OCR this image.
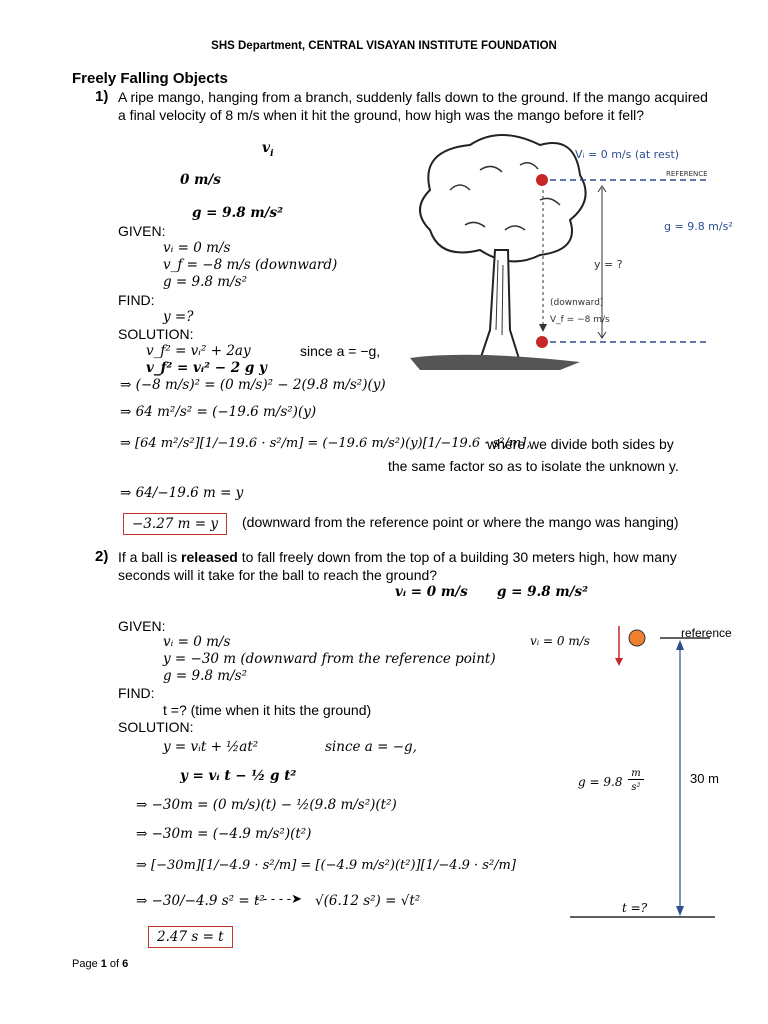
SHS Department, CENTRAL VISAYAN INSTITUTE FOUNDATION
Freely Falling Objects
1) A ripe mango, hanging from a branch, suddenly falls down to the ground. If the mango acquired a final velocity of 8 m/s when it hit the ground, how high was the mango before it fell?
$v_i$
0 m/s
g = 9.8 m/s²
GIVEN:
vᵢ = 0 m/s
v_f = −8 m/s (downward)
g = 9.8 m/s²
FIND:
y =?
SOLUTION:
v_f² = vᵢ² + 2ay	since a = −g,
v_f² = vᵢ² − 2 g y
⇒ (−8 m/s)² = (0 m/s)² − 2(9.8 m/s²)(y)
⇒ 64 m²/s² = (−19.6 m/s²)(y)
⇒ [64 m²/s²][1/−19.6 · s²/m] = (−19.6 m/s²)(y)[1/−19.6 · s²/m],
where we divide both sides by
the same factor so as to isolate the unknown y.
⇒ 64/−19.6 m = y
−3.27 m = y	(downward from the reference point or where the mango was hanging)
Vᵢ = 0 m/s (at rest)
REFERENCE
g = 9.8 m/s²
y = ?
(downward)
V_f = −8 m/s
2) If a ball is released to fall freely down from the top of a building 30 meters high, how many seconds will it take for the ball to reach the ground?
vᵢ = 0 m/s g = 9.8 m/s²
GIVEN:
vᵢ = 0 m/s
y = −30 m (downward from the reference point)
g = 9.8 m/s²
FIND:
t =? (time when it hits the ground)
SOLUTION:
y = vᵢt + ½at²	since a = −g,
y = vᵢ t − ½ g t²
⇒ −30m = (0 m/s)(t) − ½(9.8 m/s²)(t²)
⇒ −30m = (−4.9 m/s²)(t²)
⇒ [−30m][1/−4.9 · s²/m] = [(−4.9 m/s²)(t²)][1/−4.9 · s²/m]
⇒ −30/−4.9 s² = t²
- - - - -➤ √(6.12 s²) = √t²
2.47 s = t
vᵢ = 0 m/s
reference
g = 9.8
m
s²
30 m
t =?
Page 1 of 6
